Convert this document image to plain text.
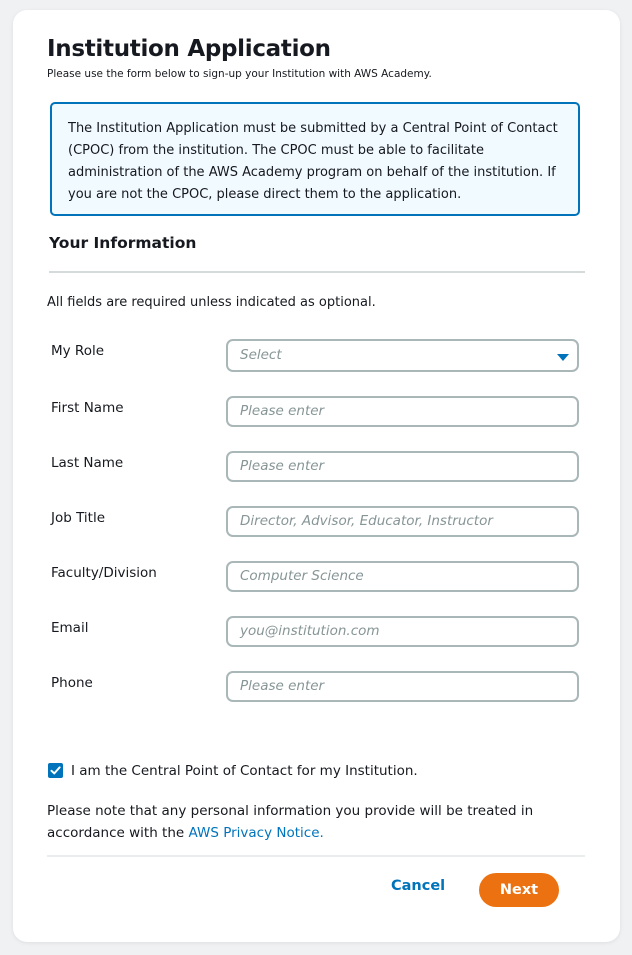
Institution Application
Please use the form below to sign-up your Institution with AWS Academy.
The Institution Application must be submitted by a Central Point of Contact (CPOC) from the institution. The CPOC must be able to facilitate administration of the AWS Academy program on behalf of the institution. If you are not the CPOC, please direct them to the application.
Your Information
All fields are required unless indicated as optional.
My Role	Select
First Name	Please enter
Last Name	Please enter
Job Title	Director, Advisor, Educator, Instructor
Faculty/Division	Computer Science
Email	you@institution.com
Phone	Please enter
I am the Central Point of Contact for my Institution.
Please note that any personal information you provide will be treated in accordance with the AWS Privacy Notice.
Cancel	Next
